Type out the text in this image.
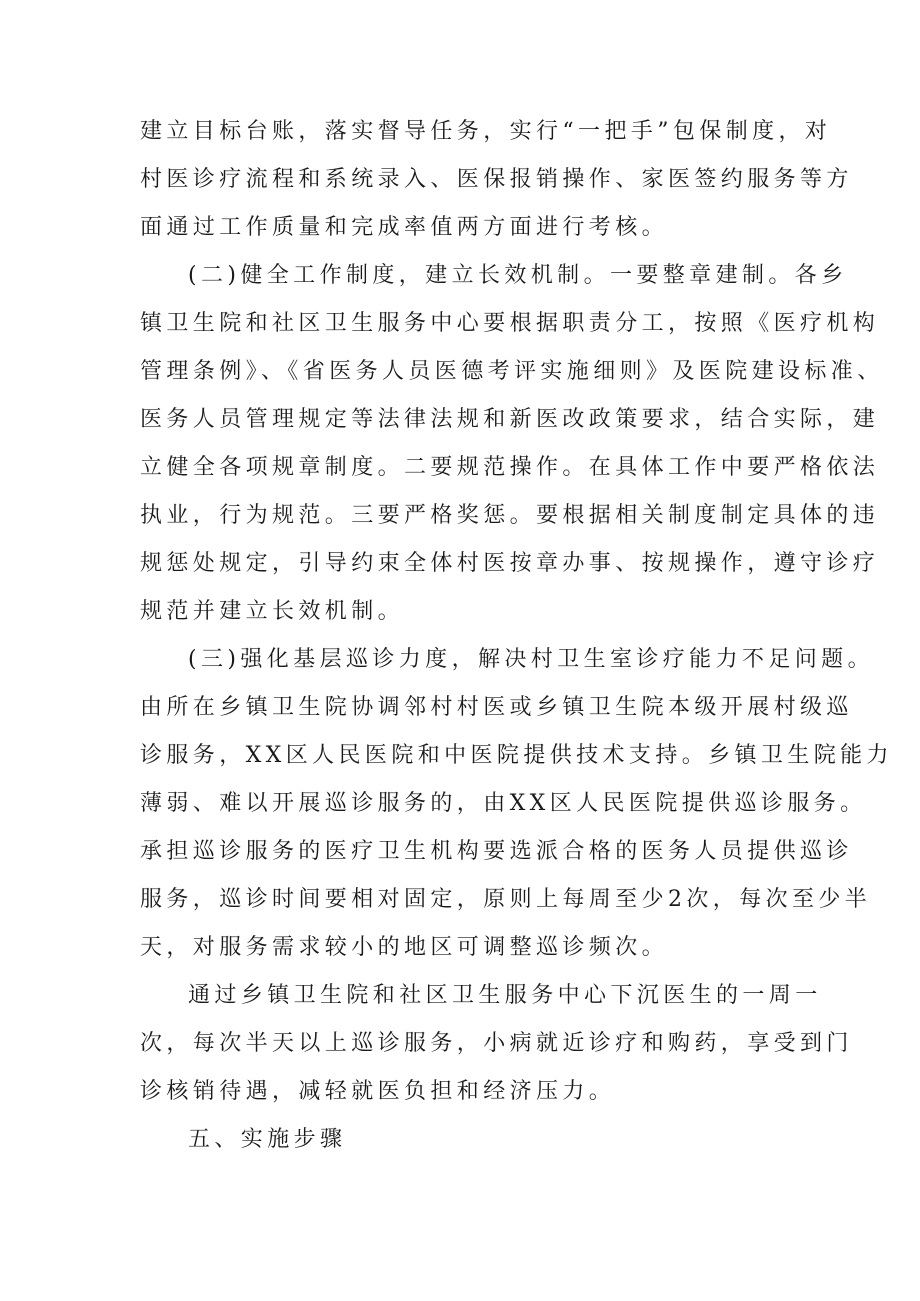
建立目标台账，落实督导任务，实行“一把手”包保制度，对

村医诊疗流程和系统录入、医保报销操作、家医签约服务等方

面通过工作质量和完成率值两方面进行考核。

(二)健全工作制度，建立长效机制。一要整章建制。各乡

镇卫生院和社区卫生服务中心要根据职责分工，按照《医疗机构

管理条例》、《省医务人员医德考评实施细则》及医院建设标准、

医务人员管理规定等法律法规和新医改政策要求，结合实际，建

立健全各项规章制度。二要规范操作。在具体工作中要严格依法

执业，行为规范。三要严格奖惩。要根据相关制度制定具体的违

规惩处规定，引导约束全体村医按章办事、按规操作，遵守诊疗

规范并建立长效机制。

(三)强化基层巡诊力度，解决村卫生室诊疗能力不足问题。

由所在乡镇卫生院协调邻村村医或乡镇卫生院本级开展村级巡

诊服务，XX区人民医院和中医院提供技术支持。乡镇卫生院能力

薄弱、难以开展巡诊服务的，由XX区人民医院提供巡诊服务。

承担巡诊服务的医疗卫生机构要选派合格的医务人员提供巡诊

服务，巡诊时间要相对固定，原则上每周至少2次，每次至少半

天，对服务需求较小的地区可调整巡诊频次。

通过乡镇卫生院和社区卫生服务中心下沉医生的一周一

次，每次半天以上巡诊服务，小病就近诊疗和购药，享受到门

诊核销待遇，减轻就医负担和经济压力。

五、实施步骤
